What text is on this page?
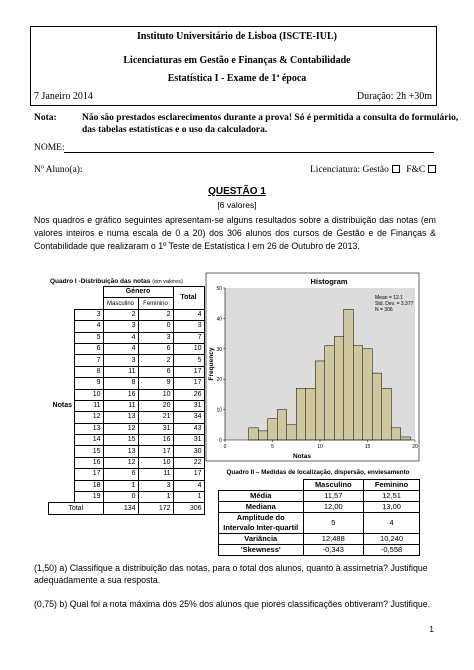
Instituto Universitário de Lisboa (ISCTE-IUL)
Licenciaturas em Gestão e Finanças & Contabilidade
Estatística I - Exame de 1ª época
7 Janeiro 2014	Duração: 2h +30m
Nota:	Não são prestados esclarecimentos durante a prova! Só é permitida a consulta do formulário,
das tabelas estatísticas e o uso da calculadora.
NOME:
Nº Aluno(a):	Licenciatura: Gestão F&C
QUESTÃO 1
[6 valores]
Nos quadros e gráfico seguintes apresentam-se alguns resultados sobre a distribuição das notas (em valores inteiros e numa escala de 0 a 20) dos 306 alunos dos cursos de Gestão e de Finanças & Contabilidade que realizaram o 1º Teste de Estatística I em 26 de Outubro de 2013.
Quadro I -Distribuição das notas (em valores)
		Género		Total
		Masculino	Feminino	
Notas	3	2	2	4
	4	3	0	3
	5	4	3	7
	6	4	6	10
	7	3	2	5
	8	11	6	17
	9	8	9	17
	10	16	10	26
	11	11	20	31
	12	13	21	34
	13	12	31	43
	14	15	16	31
	15	13	17	30
	16	12	10	22
	17	6	11	17
	18	1	3	4
	19	0	1	1
Total		134	172	306
Histogram
0
10
20
30
40
50
0	5	10	15	20
Frequency
Notas
Mean = 12.1
Std. Dev. = 3.377
N = 306
Quadro II – Medidas de localização, dispersão, enviesamento
	Masculino	Feminino
Média	11,57	12,51
Mediana	12,00	13,00
Amplitude do Intervalo Inter-quartil	5	4
Variância	12,488	10,240
'Skewness'	-0,343	-0,558
(1,50) a) Classifique a distribuição das notas, para o total dos alunos, quanto à assimetria? Justifique adequadamente a sua resposta.
(0,75) b) Qual foi a nota máxima dos 25% dos alunos que piores classificações obtiveram? Justifique.
1
